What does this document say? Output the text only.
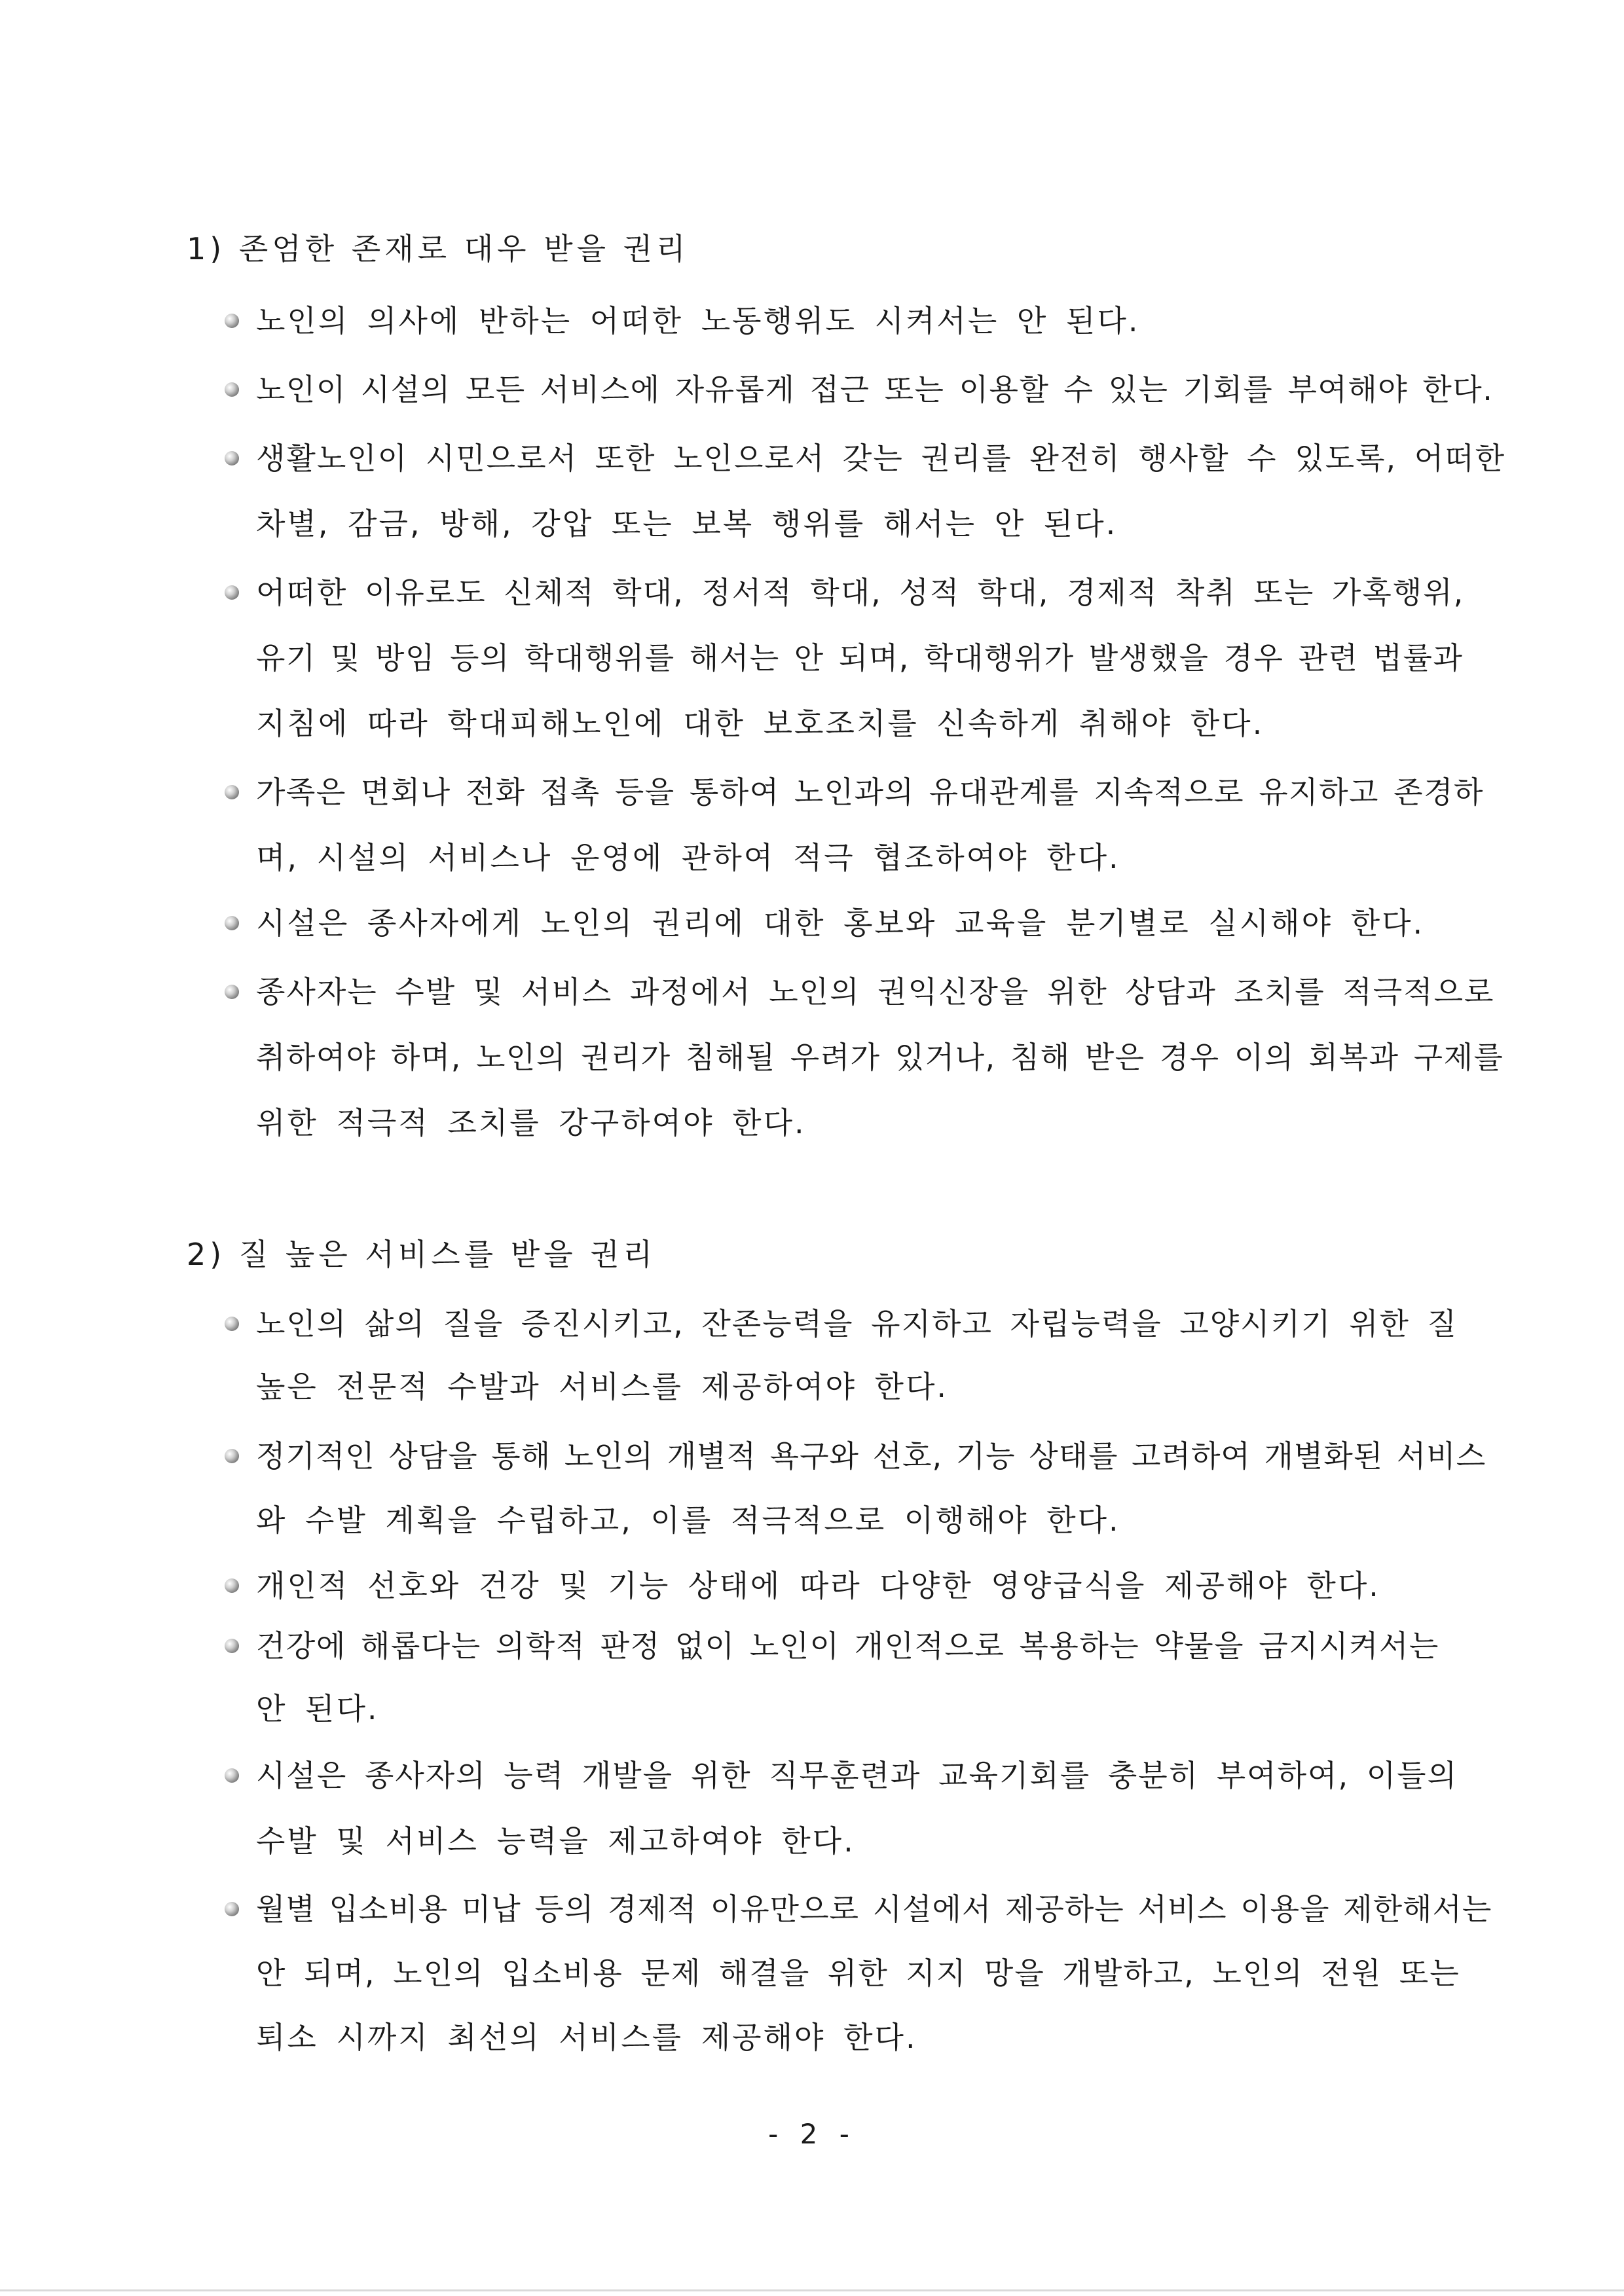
1) 존엄한 존재로 대우 받을 권리
노인의 의사에 반하는 어떠한 노동행위도 시켜서는 안 된다.
노인이 시설의 모든 서비스에 자유롭게 접근 또는 이용할 수 있는 기회를 부여해야 한다.
생활노인이 시민으로서 또한 노인으로서 갖는 권리를 완전히 행사할 수 있도록, 어떠한
차별, 감금, 방해, 강압 또는 보복 행위를 해서는 안 된다.
어떠한 이유로도 신체적 학대, 정서적 학대, 성적 학대, 경제적 착취 또는 가혹행위,
유기 및 방임 등의 학대행위를 해서는 안 되며, 학대행위가 발생했을 경우 관련 법률과
지침에 따라 학대피해노인에 대한 보호조치를 신속하게 취해야 한다.
가족은 면회나 전화 접촉 등을 통하여 노인과의 유대관계를 지속적으로 유지하고 존경하
며, 시설의 서비스나 운영에 관하여 적극 협조하여야 한다.
시설은 종사자에게 노인의 권리에 대한 홍보와 교육을 분기별로 실시해야 한다.
종사자는 수발 및 서비스 과정에서 노인의 권익신장을 위한 상담과 조치를 적극적으로
취하여야 하며, 노인의 권리가 침해될 우려가 있거나, 침해 받은 경우 이의 회복과 구제를
위한 적극적 조치를 강구하여야 한다.
2) 질 높은 서비스를 받을 권리
노인의 삶의 질을 증진시키고, 잔존능력을 유지하고 자립능력을 고양시키기 위한 질
높은 전문적 수발과 서비스를 제공하여야 한다.
정기적인 상담을 통해 노인의 개별적 욕구와 선호, 기능 상태를 고려하여 개별화된 서비스
와 수발 계획을 수립하고, 이를 적극적으로 이행해야 한다.
개인적 선호와 건강 및 기능 상태에 따라 다양한 영양급식을 제공해야 한다.
건강에 해롭다는 의학적 판정 없이 노인이 개인적으로 복용하는 약물을 금지시켜서는
안 된다.
시설은 종사자의 능력 개발을 위한 직무훈련과 교육기회를 충분히 부여하여, 이들의
수발 및 서비스 능력을 제고하여야 한다.
월별 입소비용 미납 등의 경제적 이유만으로 시설에서 제공하는 서비스 이용을 제한해서는
안 되며, 노인의 입소비용 문제 해결을 위한 지지 망을 개발하고, 노인의 전원 또는
퇴소 시까지 최선의 서비스를 제공해야 한다.
- 2 -
